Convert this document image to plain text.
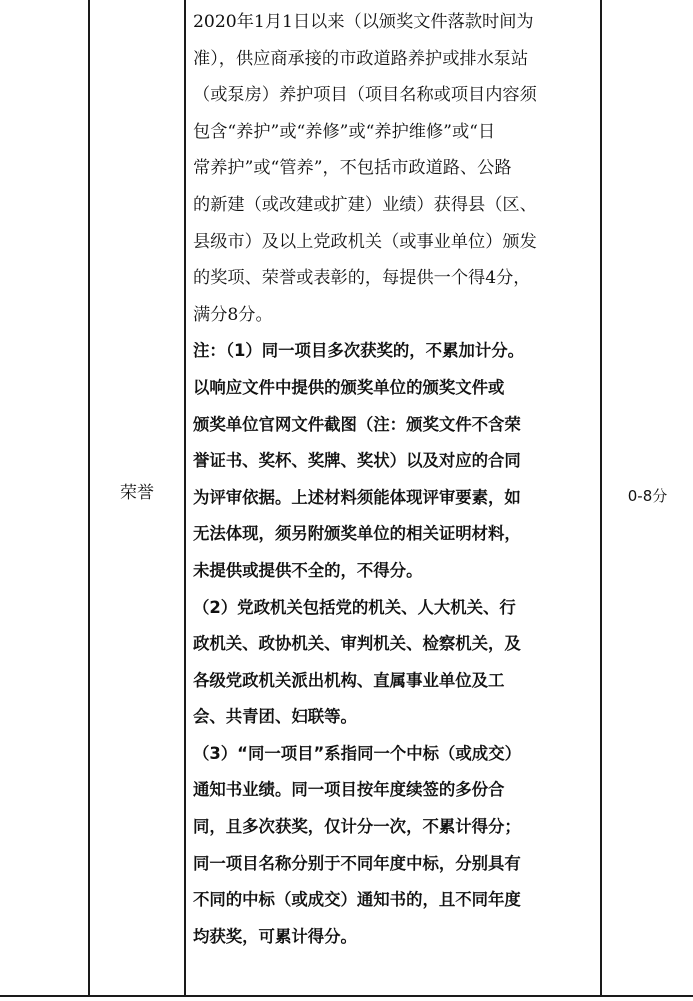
荣誉
2020年1月1日以来（以颁奖文件落款时间为
准），供应商承接的市政道路养护或排水泵站
（或泵房）养护项目（项目名称或项目内容须
包含“养护”或“养修”或“养护维修”或“日
常养护”或“管养”，不包括市政道路、公路
的新建（或改建或扩建）业绩）获得县（区、
县级市）及以上党政机关（或事业单位）颁发
的奖项、荣誉或表彰的，每提供一个得4分，
满分8分。
注：（1）同一项目多次获奖的，不累加计分。
以响应文件中提供的颁奖单位的颁奖文件或
颁奖单位官网文件截图（注：颁奖文件不含荣
誉证书、奖杯、奖牌、奖状）以及对应的合同
为评审依据。上述材料须能体现评审要素，如
无法体现，须另附颁奖单位的相关证明材料，
未提供或提供不全的，不得分。
（2）党政机关包括党的机关、人大机关、行
政机关、政协机关、审判机关、检察机关，及
各级党政机关派出机构、直属事业单位及工
会、共青团、妇联等。
（3）“同一项目”系指同一个中标（或成交）
通知书业绩。同一项目按年度续签的多份合
同，且多次获奖，仅计分一次，不累计得分；
同一项目名称分别于不同年度中标，分别具有
不同的中标（或成交）通知书的，且不同年度
均获奖，可累计得分。
0-8分
